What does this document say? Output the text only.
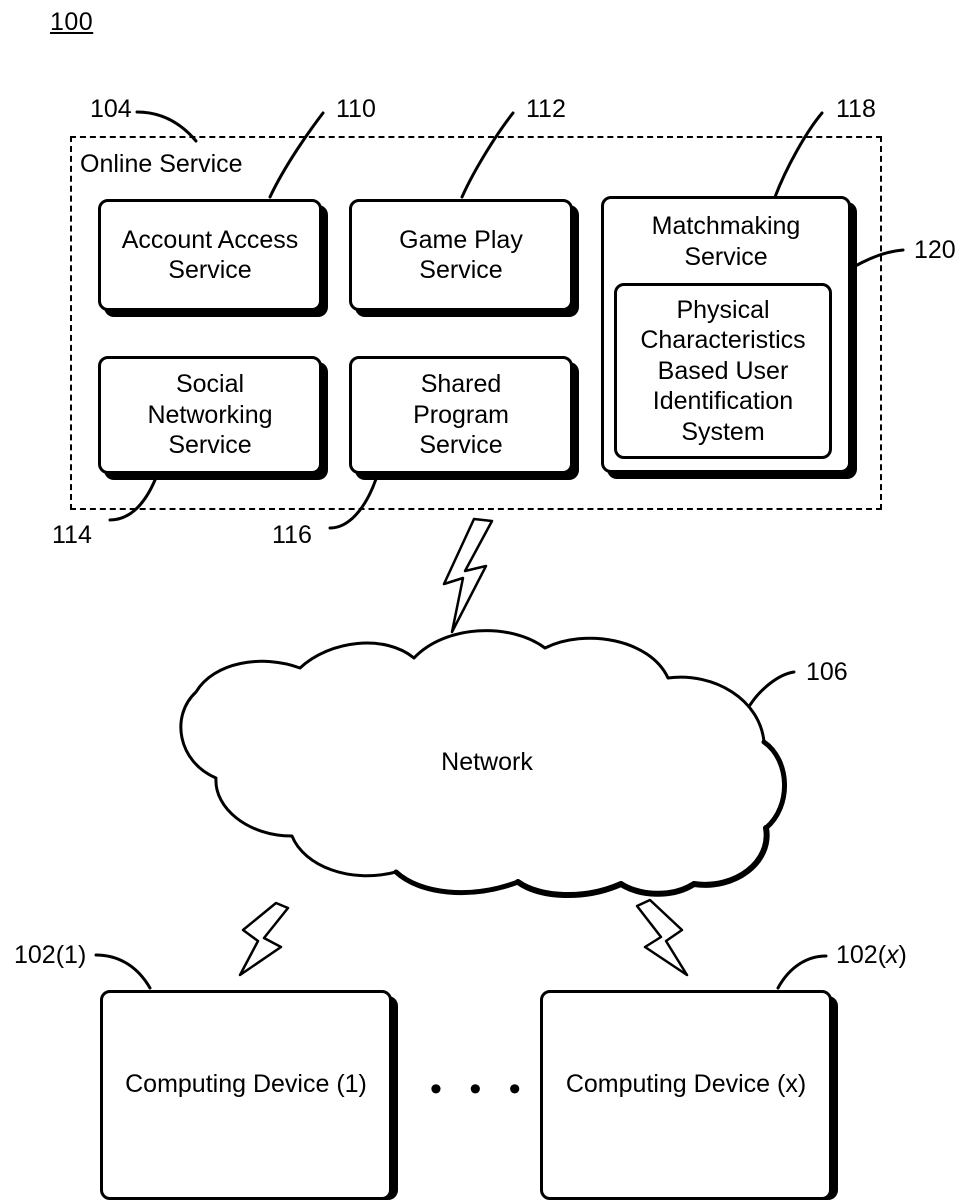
100
Online Service
Account Access
Service
Game Play
Service
Matchmaking
Service
Physical
Characteristics
Based User
Identification
System
Social
Networking
Service
Shared
Program
Service
Network
Computing Device (1) • • • Computing Device (x)
104	110	112	118
120
114	116
106
102(1)	102(x)
